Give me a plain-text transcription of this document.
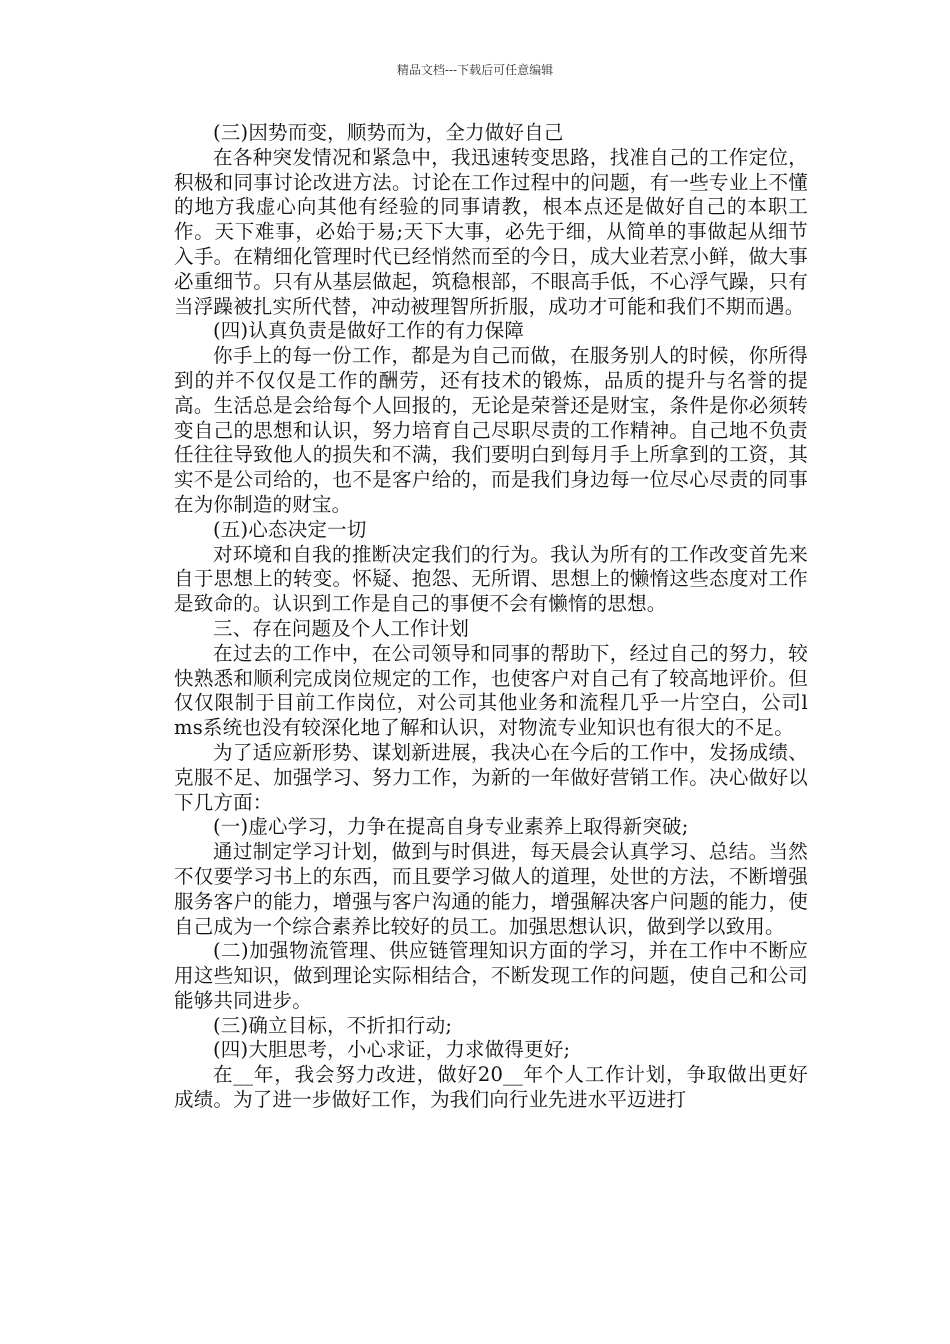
精品文档---下载后可任意编辑

(三)因势而变，顺势而为，全力做好自己

在各种突发情况和紧急中，我迅速转变思路，找准自己的工作定位，积极和同事讨论改进方法。讨论在工作过程中的问题，有一些专业上不懂的地方我虚心向其他有经验的同事请教，根本点还是做好自己的本职工作。天下难事，必始于易;天下大事，必先于细，从简单的事做起从细节入手。在精细化管理时代已经悄然而至的今日，成大业若烹小鲜，做大事必重细节。只有从基层做起，筑稳根部，不眼高手低，不心浮气躁，只有当浮躁被扎实所代替，冲动被理智所折服，成功才可能和我们不期而遇。

(四)认真负责是做好工作的有力保障

你手上的每一份工作，都是为自己而做，在服务别人的时候，你所得到的并不仅仅是工作的酬劳，还有技术的锻炼，品质的提升与名誉的提高。生活总是会给每个人回报的，无论是荣誉还是财宝，条件是你必须转变自己的思想和认识，努力培育自己尽职尽责的工作精神。自己地不负责任往往导致他人的损失和不满，我们要明白到每月手上所拿到的工资，其实不是公司给的，也不是客户给的，而是我们身边每一位尽心尽责的同事在为你制造的财宝。

(五)心态决定一切

对环境和自我的推断决定我们的行为。我认为所有的工作改变首先来自于思想上的转变。怀疑、抱怨、无所谓、思想上的懒惰这些态度对工作是致命的。认识到工作是自己的事便不会有懒惰的思想。

三、存在问题及个人工作计划

在过去的工作中，在公司领导和同事的帮助下，经过自己的努力，较快熟悉和顺利完成岗位规定的工作，也使客户对自己有了较高地评价。但仅仅限制于目前工作岗位，对公司其他业务和流程几乎一片空白，公司lms系统也没有较深化地了解和认识，对物流专业知识也有很大的不足。

为了适应新形势、谋划新进展，我决心在今后的工作中，发扬成绩、克服不足、加强学习、努力工作，为新的一年做好营销工作。决心做好以下几方面：

(一)虚心学习，力争在提高自身专业素养上取得新突破;

通过制定学习计划，做到与时俱进，每天晨会认真学习、总结。当然不仅要学习书上的东西，而且要学习做人的道理，处世的方法，不断增强服务客户的能力，增强与客户沟通的能力，增强解决客户问题的能力，使自己成为一个综合素养比较好的员工。加强思想认识，做到学以致用。

(二)加强物流管理、供应链管理知识方面的学习，并在工作中不断应用这些知识，做到理论实际相结合，不断发现工作的问题，使自己和公司能够共同进步。

(三)确立目标，不折扣行动;

(四)大胆思考，小心求证，力求做得更好;

在__年，我会努力改进，做好20__年个人工作计划，争取做出更好成绩。为了进一步做好工作，为我们向行业先进水平迈进打
